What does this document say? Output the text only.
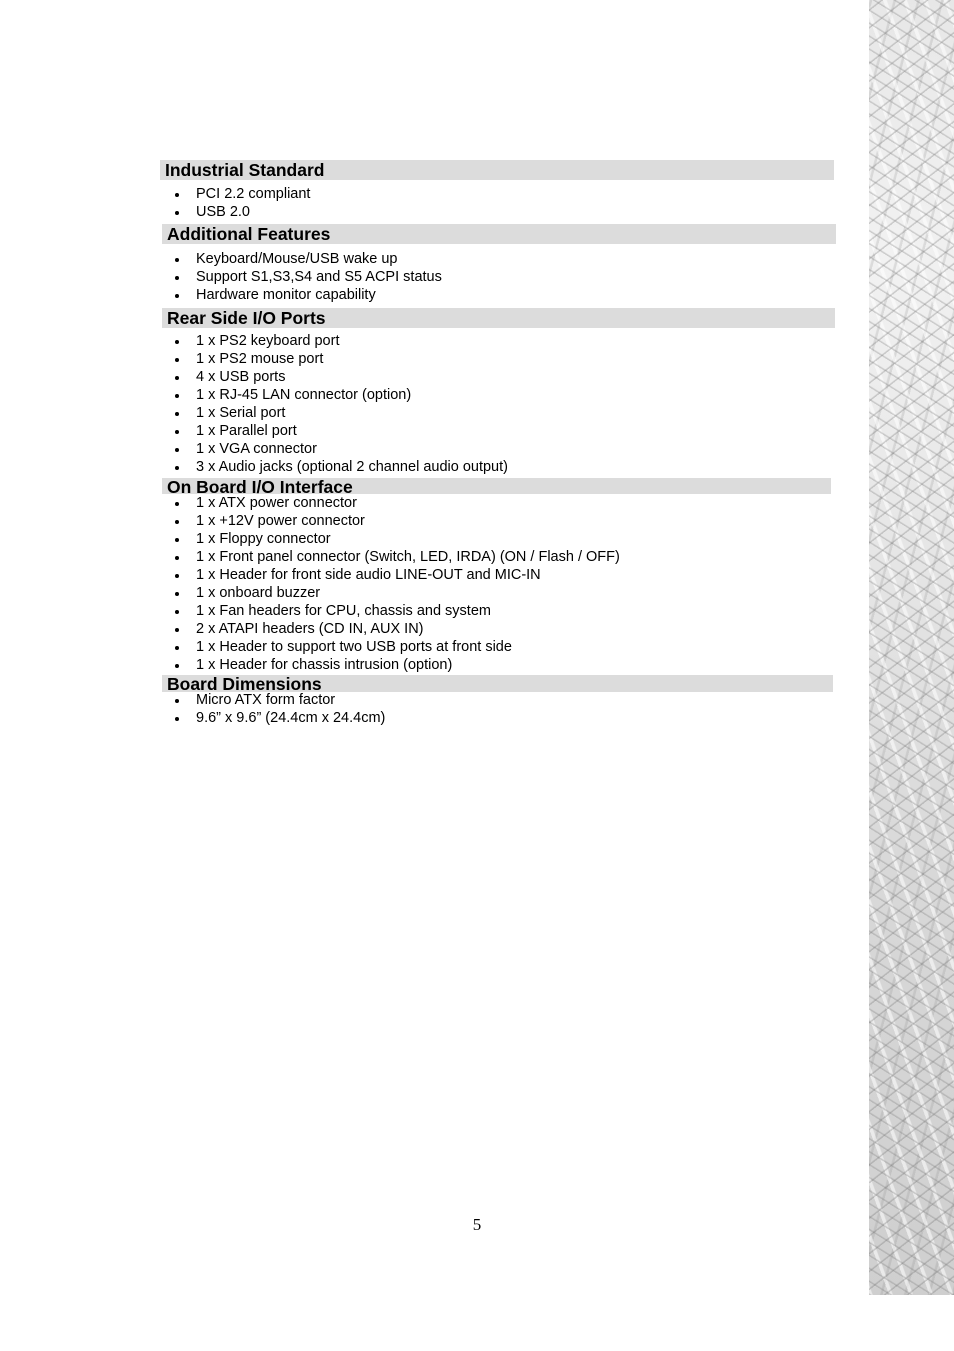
Industrial Standard
PCI 2.2 compliant
USB 2.0
Additional Features
Keyboard/Mouse/USB wake up
Support S1,S3,S4 and S5 ACPI status
Hardware monitor capability
Rear Side I/O Ports
1 x PS2 keyboard port
1 x PS2 mouse port
4 x USB ports
1 x RJ-45 LAN connector (option)
1 x Serial port
1 x Parallel port
1 x VGA connector
3 x Audio jacks (optional 2 channel audio output)
On Board I/O Interface
1 x ATX power connector
1 x +12V power connector
1 x Floppy connector
1 x Front panel connector (Switch, LED, IRDA) (ON / Flash / OFF)
1 x Header for front side audio LINE-OUT and MIC-IN
1 x onboard buzzer
1 x Fan headers for CPU, chassis and system
2 x ATAPI headers (CD IN, AUX IN)
1 x Header to support two USB ports at front side
1 x Header for chassis intrusion (option)
Board Dimensions
Micro ATX form factor
9.6” x 9.6” (24.4cm x 24.4cm)
5
